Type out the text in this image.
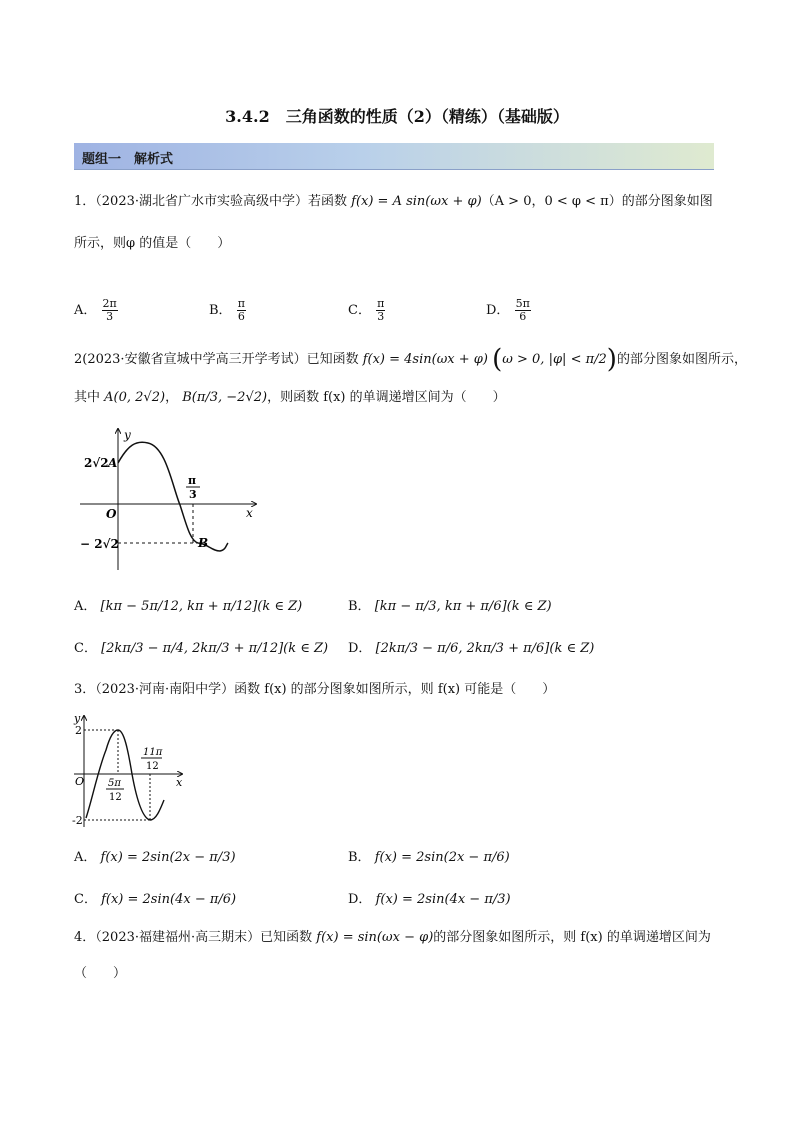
3.4.2　三角函数的性质（2）（精练）（基础版）
题组一　解析式
1．（2023·湖北省广水市实验高级中学）若函数 f(x) = A sin(ωx + φ)（A > 0，0 < φ < π）的部分图象如图
所示，则φ 的值是（　　）
A． $\frac{2\pi}{3}$	B． $\frac{\pi}{6}$	C． $\frac{\pi}{3}$	D． $\frac{5\pi}{6}$
2(2023·安徽省宣城中学高三开学考试）已知函数 f(x) = 4sin(ωx + φ) (ω > 0, |φ| < π/2)的部分图象如图所示，
其中 A(0, 2√2)， B(π/3, −2√2)，则函数 f(x) 的单调递增区间为（　　）
y
x
O
2√2 A
− 2√2	B
π
3
A． [kπ − 5π/12, kπ + π/12](k ∈ Z)	B． [kπ − π/3, kπ + π/6](k ∈ Z)
C． [2kπ/3 − π/4, 2kπ/3 + π/12](k ∈ Z) D． [2kπ/3 − π/6, 2kπ/3 + π/6](k ∈ Z)
3．（2023·河南·南阳中学）函数 f(x) 的部分图象如图所示，则 f(x) 可能是（　　）
y
x
O
2
-2
5π
12
11π
12
A． f(x) = 2sin(2x − π/3)	B． f(x) = 2sin(2x − π/6)
C． f(x) = 2sin(4x − π/6)	D． f(x) = 2sin(4x − π/3)
4．（2023·福建福州·高三期末）已知函数 f(x) = sin(ωx − φ)的部分图象如图所示，则 f(x) 的单调递增区间为
（　　）
